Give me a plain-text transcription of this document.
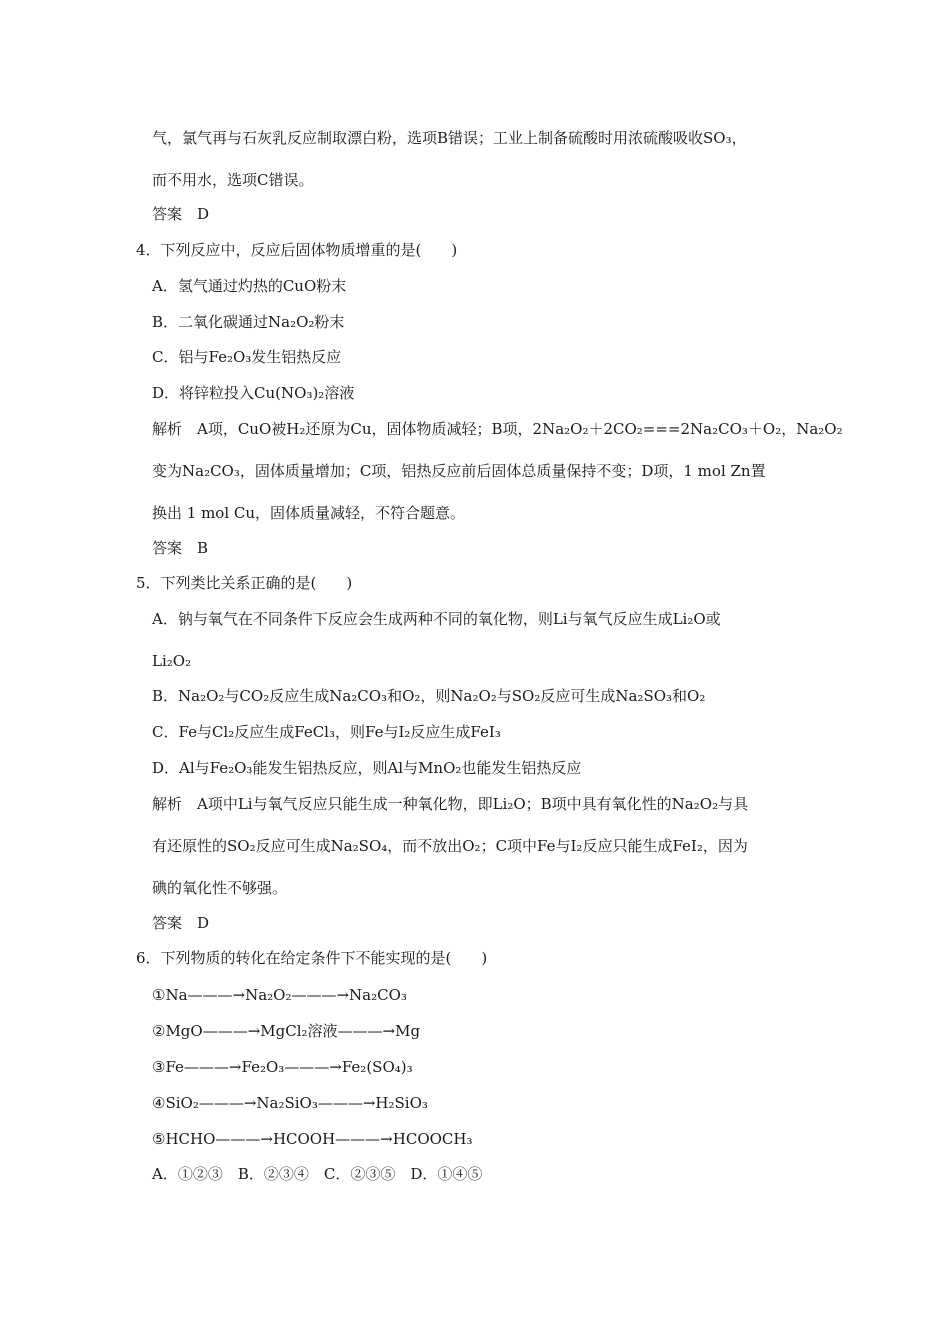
气，氯气再与石灰乳反应制取漂白粉，选项B错误；工业上制备硫酸时用浓硫酸吸收SO₃，
而不用水，选项C错误。
答案　D
4．下列反应中，反应后固体物质增重的是(　　)
A．氢气通过灼热的CuO粉末
B．二氧化碳通过Na₂O₂粉末
C．铝与Fe₂O₃发生铝热反应
D．将锌粒投入Cu(NO₃)₂溶液
解析　A项，CuO被H₂还原为Cu，固体物质减轻；B项，2Na₂O₂＋2CO₂===2Na₂CO₃＋O₂，Na₂O₂
变为Na₂CO₃，固体质量增加；C项，铝热反应前后固体总质量保持不变；D项，1 mol Zn置
换出 1 mol Cu，固体质量减轻，不符合题意。
答案　B
5．下列类比关系正确的是(　　)
A．钠与氧气在不同条件下反应会生成两种不同的氧化物，则Li与氧气反应生成Li₂O或
Li₂O₂
B．Na₂O₂与CO₂反应生成Na₂CO₃和O₂，则Na₂O₂与SO₂反应可生成Na₂SO₃和O₂
C．Fe与Cl₂反应生成FeCl₃，则Fe与I₂反应生成FeI₃
D．Al与Fe₂O₃能发生铝热反应，则Al与MnO₂也能发生铝热反应
解析　A项中Li与氧气反应只能生成一种氧化物，即Li₂O；B项中具有氧化性的Na₂O₂与具
有还原性的SO₂反应可生成Na₂SO₄，而不放出O₂；C项中Fe与I₂反应只能生成FeI₂，因为
碘的氧化性不够强。
答案　D
6．下列物质的转化在给定条件下不能实现的是(　　)
①Na———→Na₂O₂———→Na₂CO₃
②MgO———→MgCl₂溶液———→Mg
③Fe———→Fe₂O₃———→Fe₂(SO₄)₃
④SiO₂———→Na₂SiO₃———→H₂SiO₃
⑤HCHO———→HCOOH———→HCOOCH₃
A．①②③　B．②③④　C．②③⑤　D．①④⑤
